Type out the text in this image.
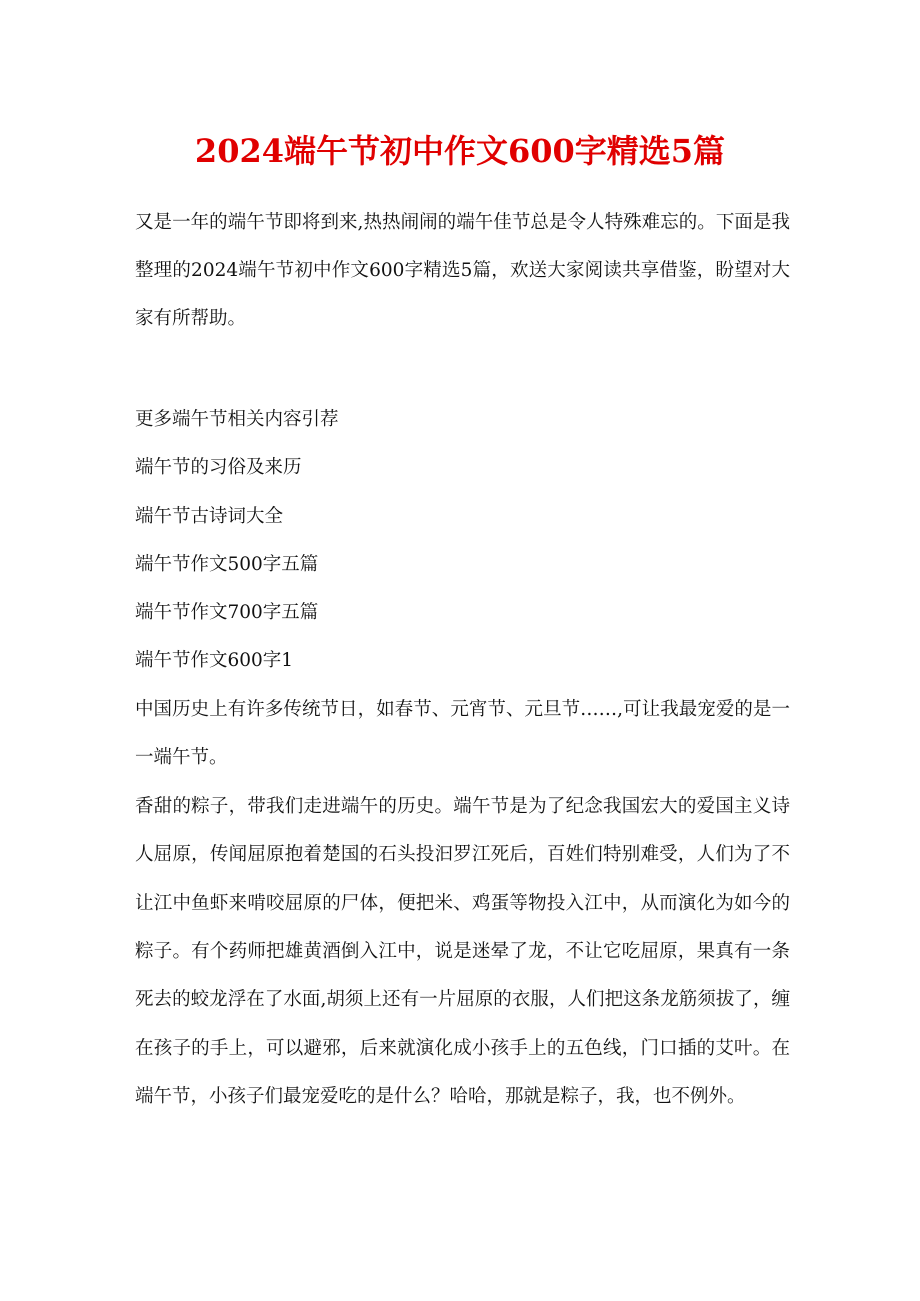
2024端午节初中作文600字精选5篇

又是一年的端午节即将到来,热热闹闹的端午佳节总是令人特殊难忘的。下面是我整理的2024端午节初中作文600字精选5篇，欢送大家阅读共享借鉴，盼望对大家有所帮助。

更多端午节相关内容引荐
端午节的习俗及来历
端午节古诗词大全
端午节作文500字五篇
端午节作文700字五篇
端午节作文600字1

中国历史上有许多传统节日，如春节、元宵节、元旦节……,可让我最宠爱的是一一端午节。

香甜的粽子，带我们走进端午的历史。端午节是为了纪念我国宏大的爱国主义诗人屈原，传闻屈原抱着楚国的石头投汩罗江死后，百姓们特别难受，人们为了不让江中鱼虾来啃咬屈原的尸体，便把米、鸡蛋等物投入江中，从而演化为如今的粽子。有个药师把雄黄酒倒入江中，说是迷晕了龙，不让它吃屈原，果真有一条死去的蛟龙浮在了水面,胡须上还有一片屈原的衣服，人们把这条龙筋须拔了，缠在孩子的手上，可以避邪，后来就演化成小孩手上的五色线，门口插的艾叶。在端午节，小孩子们最宠爱吃的是什么？哈哈，那就是粽子，我，也不例外。
